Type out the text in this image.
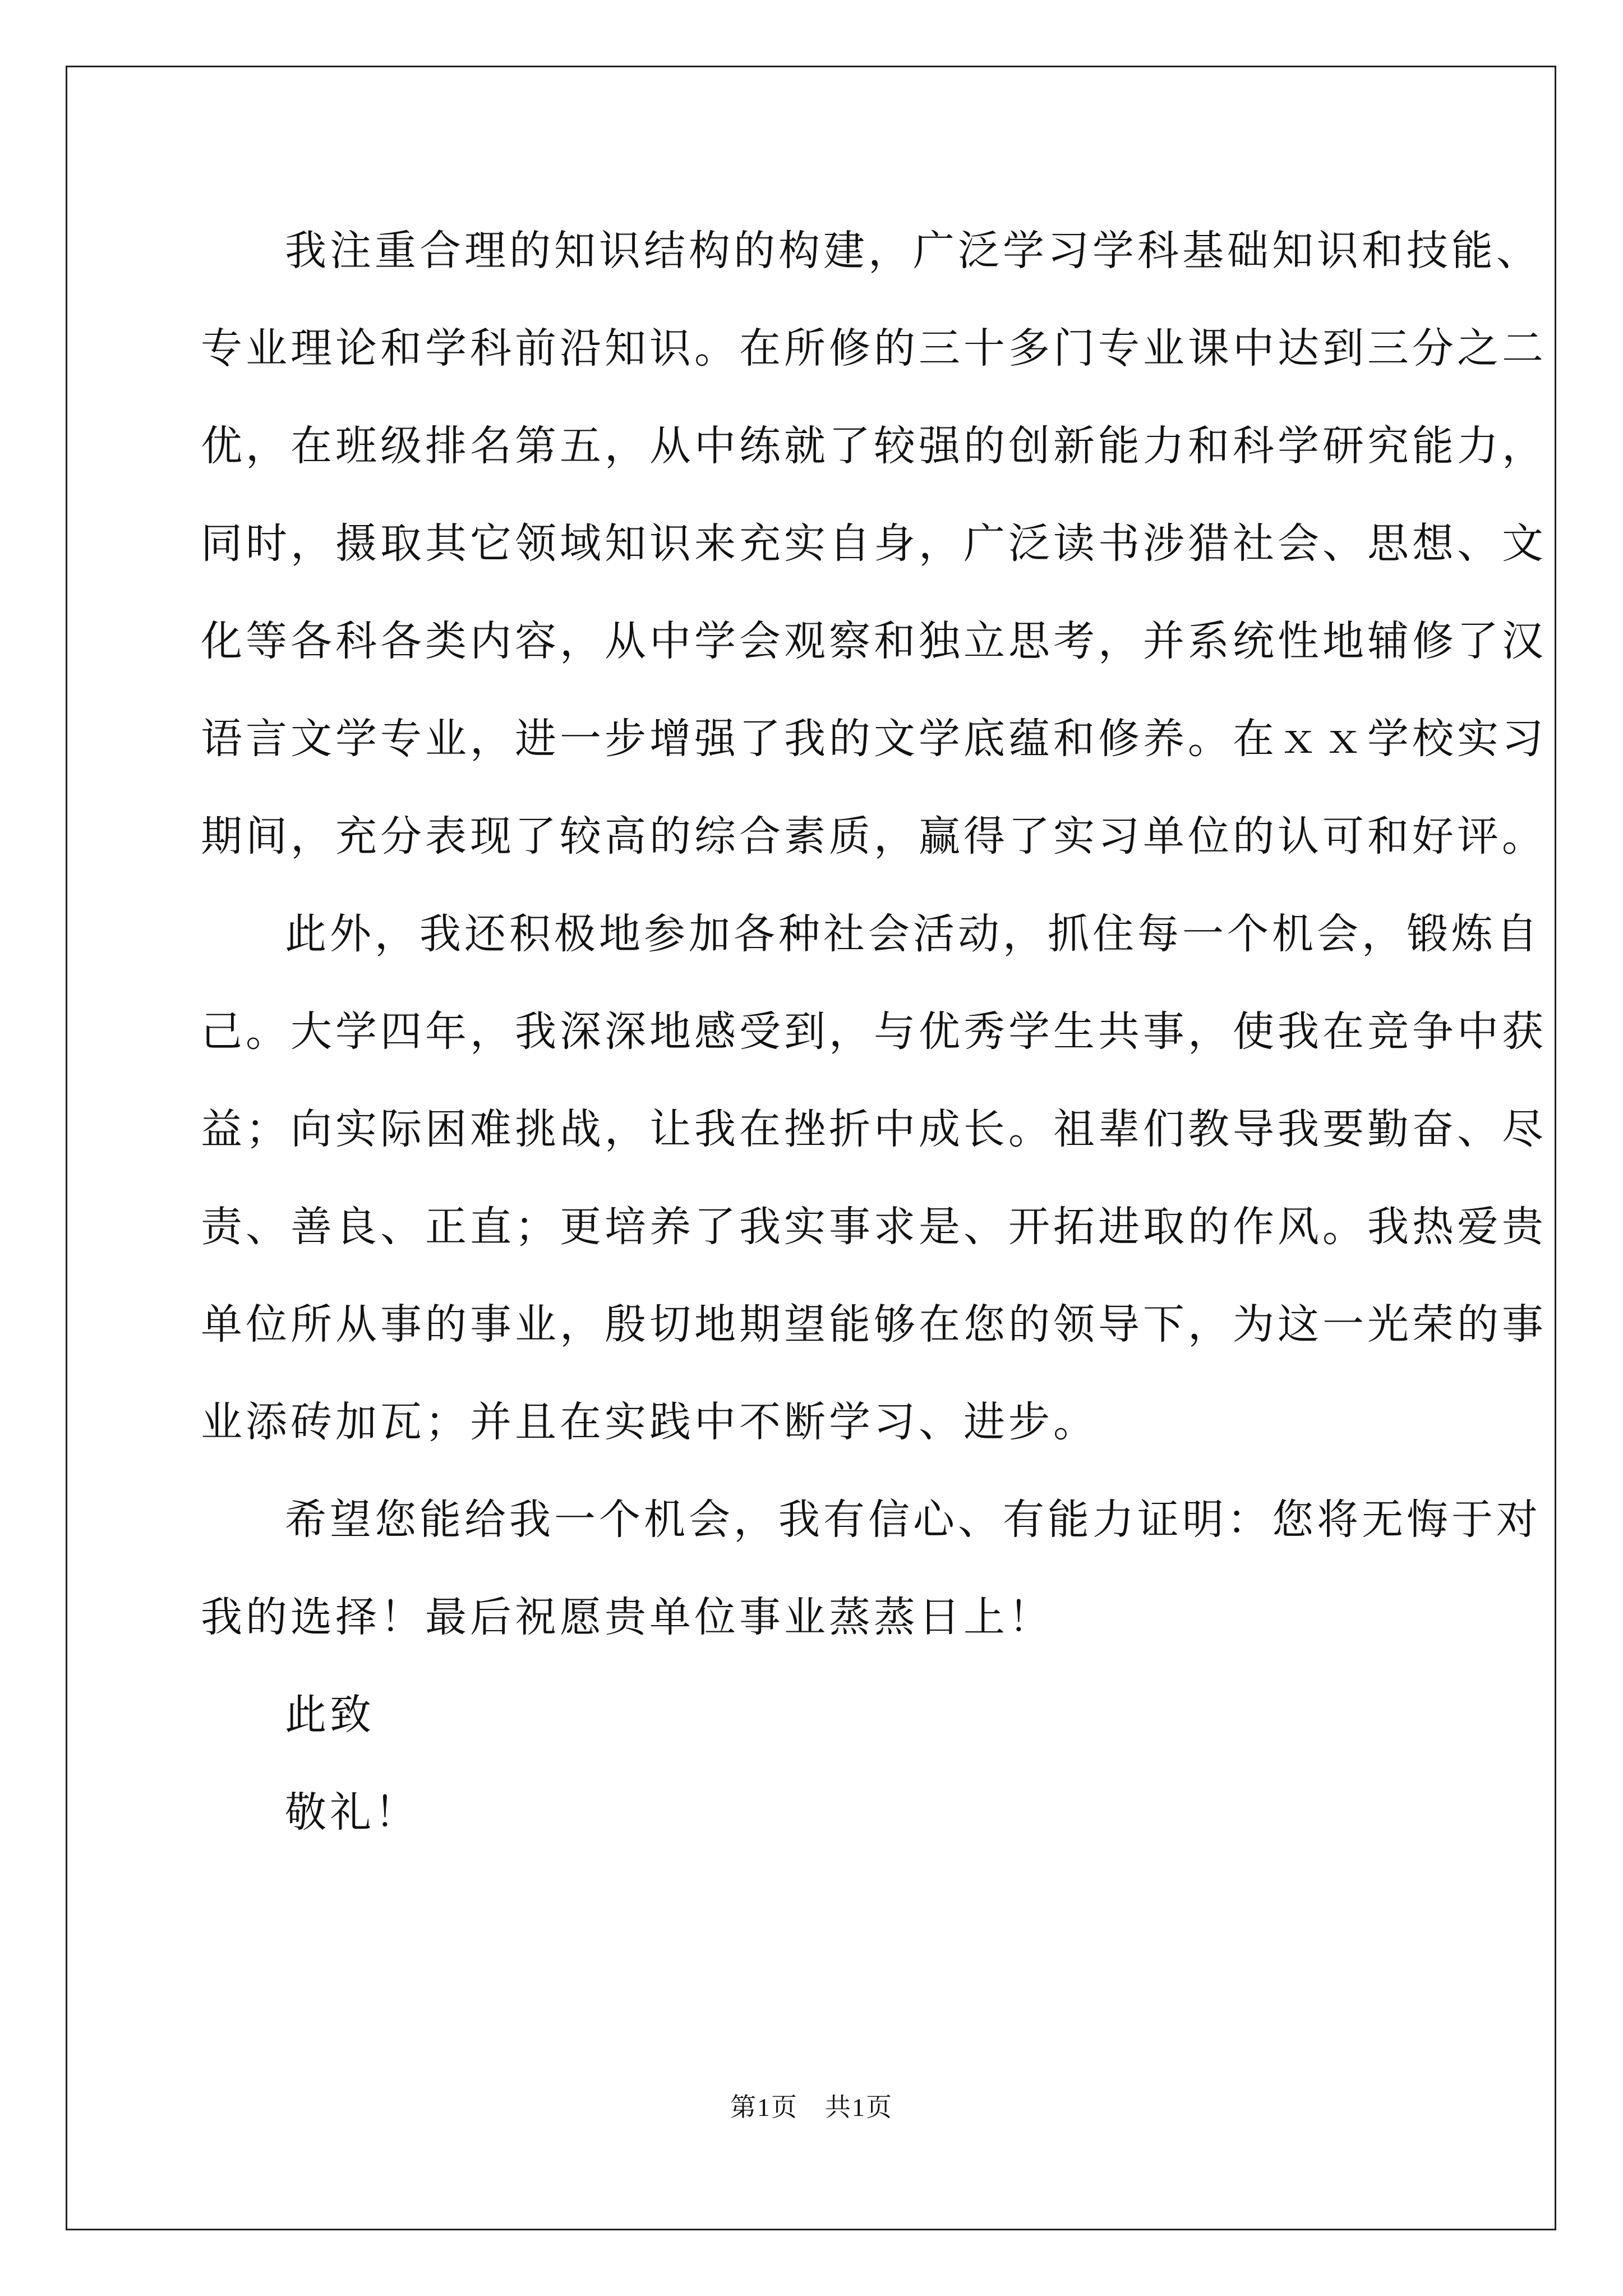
我注重合理的知识结构的构建，广泛学习学科基础知识和技能、
专业理论和学科前沿知识。在所修的三十多门专业课中达到三分之二
优，在班级排名第五，从中练就了较强的创新能力和科学研究能力，
同时，摄取其它领域知识来充实自身，广泛读书涉猎社会、思想、文
化等各科各类内容，从中学会观察和独立思考，并系统性地辅修了汉
语言文学专业，进一步增强了我的文学底蕴和修养。在ｘｘ学校实习
期间，充分表现了较高的综合素质，赢得了实习单位的认可和好评。
此外，我还积极地参加各种社会活动，抓住每一个机会，锻炼自
己。大学四年，我深深地感受到，与优秀学生共事，使我在竞争中获
益；向实际困难挑战，让我在挫折中成长。祖辈们教导我要勤奋、尽
责、善良、正直；更培养了我实事求是、开拓进取的作风。我热爱贵
单位所从事的事业，殷切地期望能够在您的领导下，为这一光荣的事
业添砖加瓦；并且在实践中不断学习、进步。
希望您能给我一个机会，我有信心、有能力证明：您将无悔于对
我的选择！最后祝愿贵单位事业蒸蒸日上！
此致
敬礼！
第1页 共1页
